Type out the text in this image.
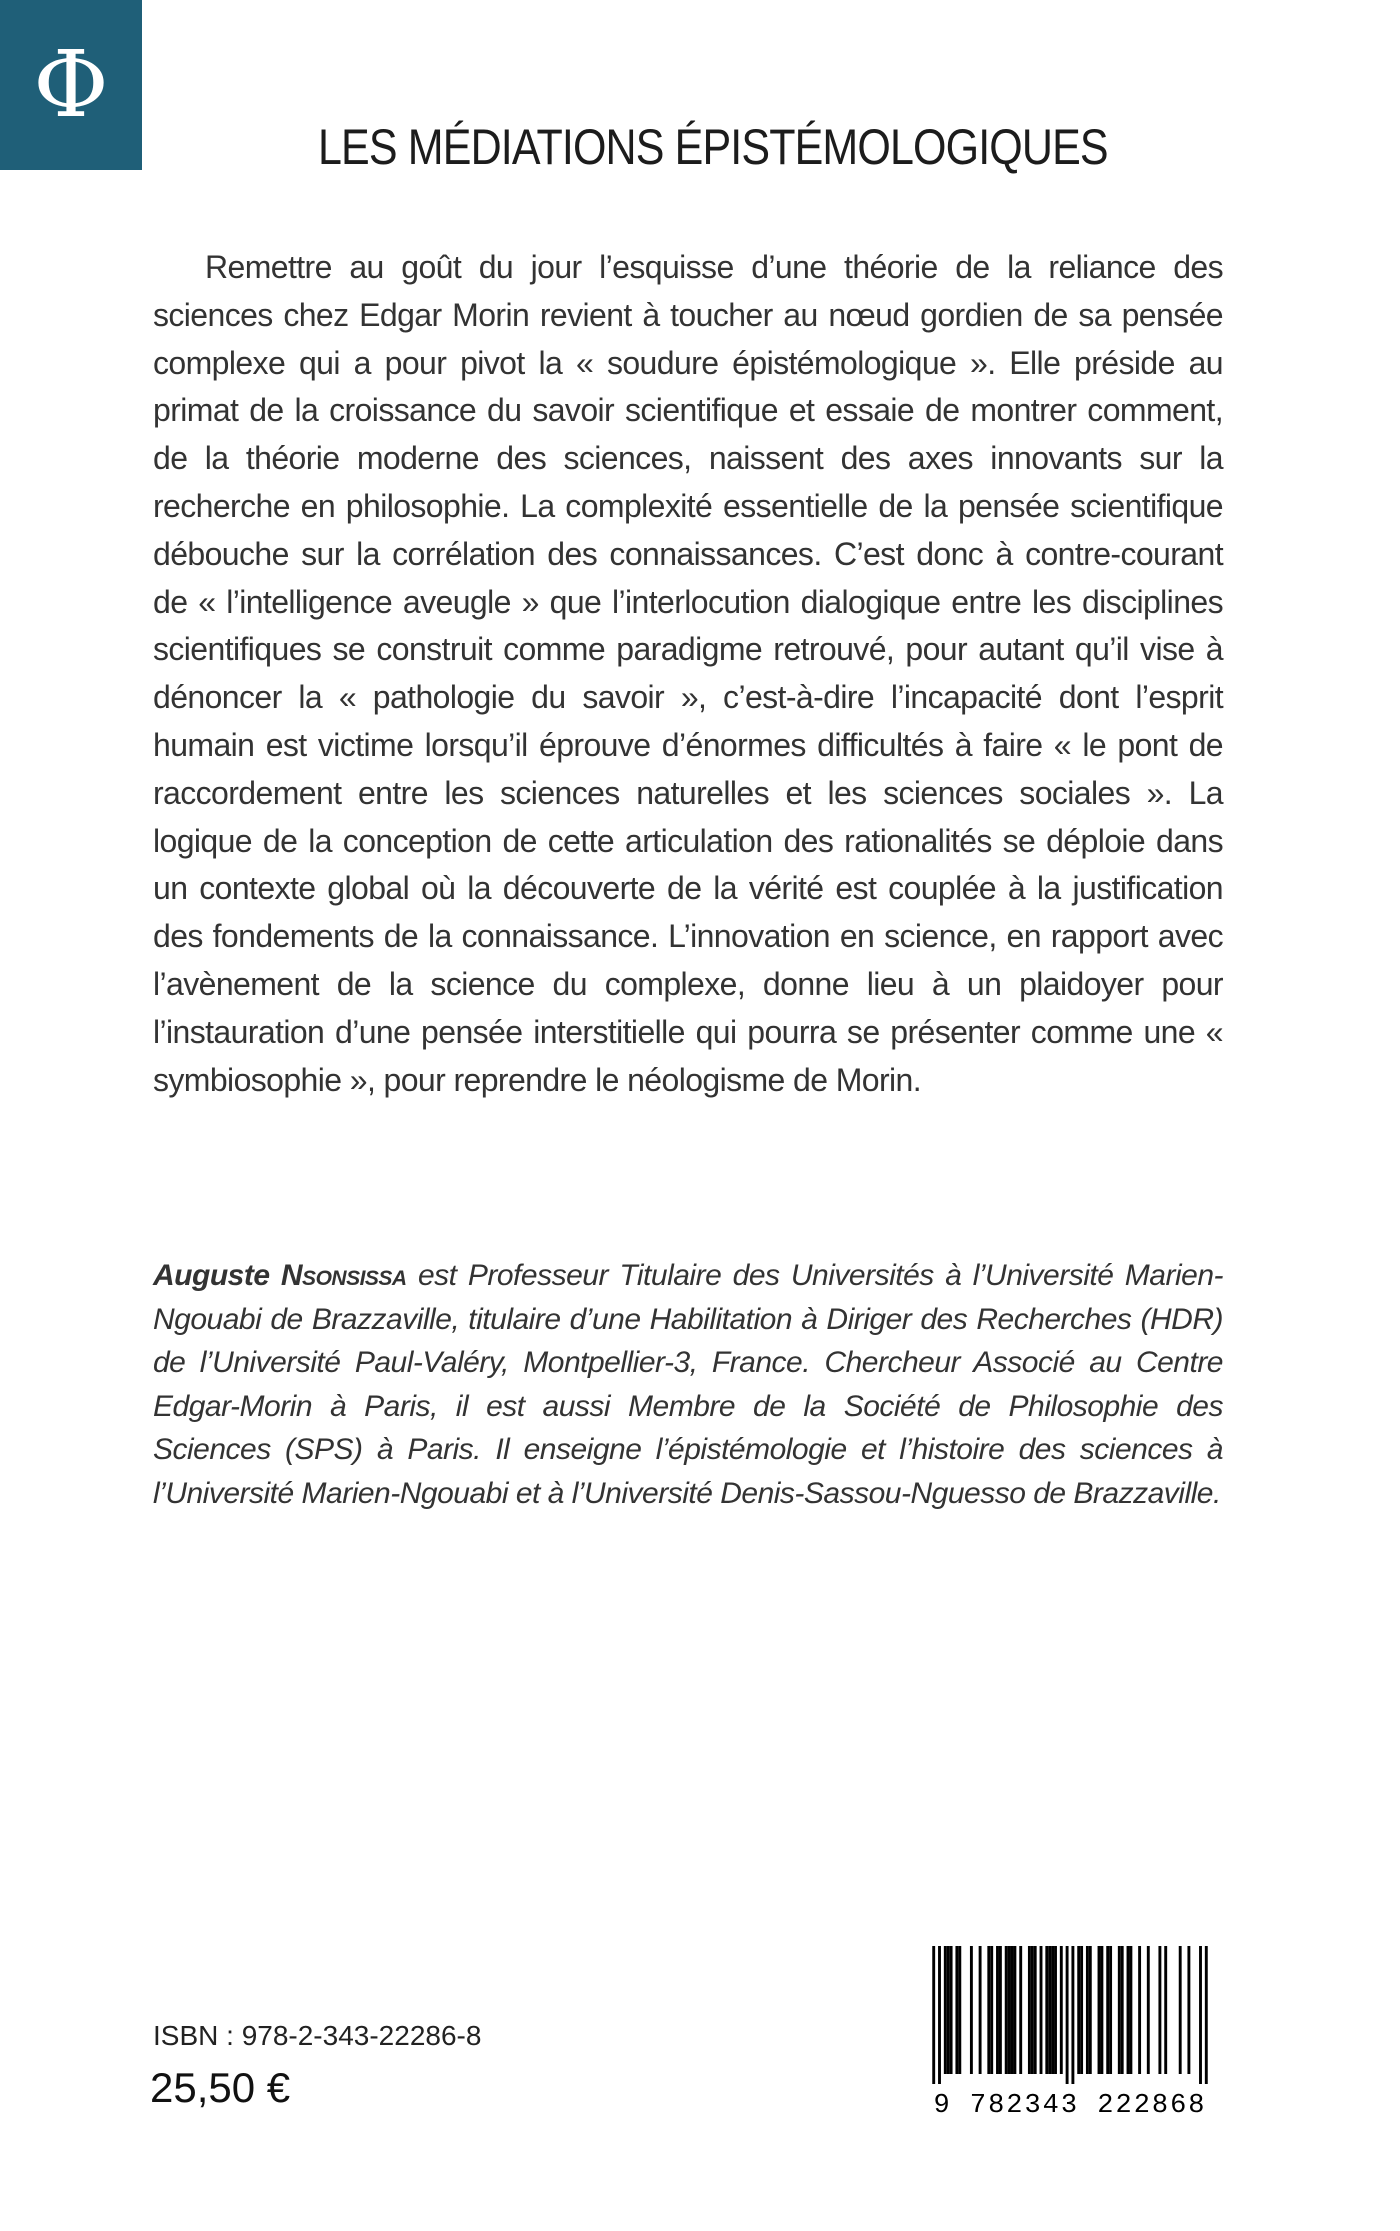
Φ
LES MÉDIATIONS ÉPISTÉMOLOGIQUES

Remettre au goût du jour l’esquisse d’une théorie de la reliance des sciences chez Edgar Morin revient à toucher au nœud gordien de sa pensée complexe qui a pour pivot la « soudure épistémologique ». Elle préside au primat de la croissance du savoir scientifique et essaie de montrer comment, de la théorie moderne des sciences, naissent des axes innovants sur la recherche en philosophie. La complexité essentielle de la pensée scientifique débouche sur la corrélation des connaissances. C’est donc à contre-courant de « l’intelligence aveugle » que l’interlocution dialogique entre les disciplines scientifiques se construit comme paradigme retrouvé, pour autant qu’il vise à dénoncer la « pathologie du savoir », c’est-à-dire l’incapacité dont l’esprit humain est victime lorsqu’il éprouve d’énormes difficultés à faire « le pont de raccordement entre les sciences naturelles et les sciences sociales ». La logique de la conception de cette articulation des rationalités se déploie dans un contexte global où la découverte de la vérité est couplée à la justification des fondements de la connaissance. L’innovation en science, en rapport avec l’avènement de la science du complexe, donne lieu à un plaidoyer pour l’instauration d’une pensée interstitielle qui pourra se présenter comme une « symbiosophie », pour reprendre le néologisme de Morin.

Auguste Nsonsissa est Professeur Titulaire des Universités à l’Université Marien-Ngouabi de Brazzaville, titulaire d’une Habilitation à Diriger des Recherches (HDR) de l’Université Paul-Valéry, Montpellier-3, France. Chercheur Associé au Centre Edgar-Morin à Paris, il est aussi Membre de la Société de Philosophie des Sciences (SPS) à Paris. Il enseigne l’épistémologie et l’histoire des sciences à l’Université Marien-Ngouabi et à l’Université Denis-Sassou-Nguesso de Brazzaville.

ISBN : 978-2-343-22286-8
25,50 €	9 782343 222868
